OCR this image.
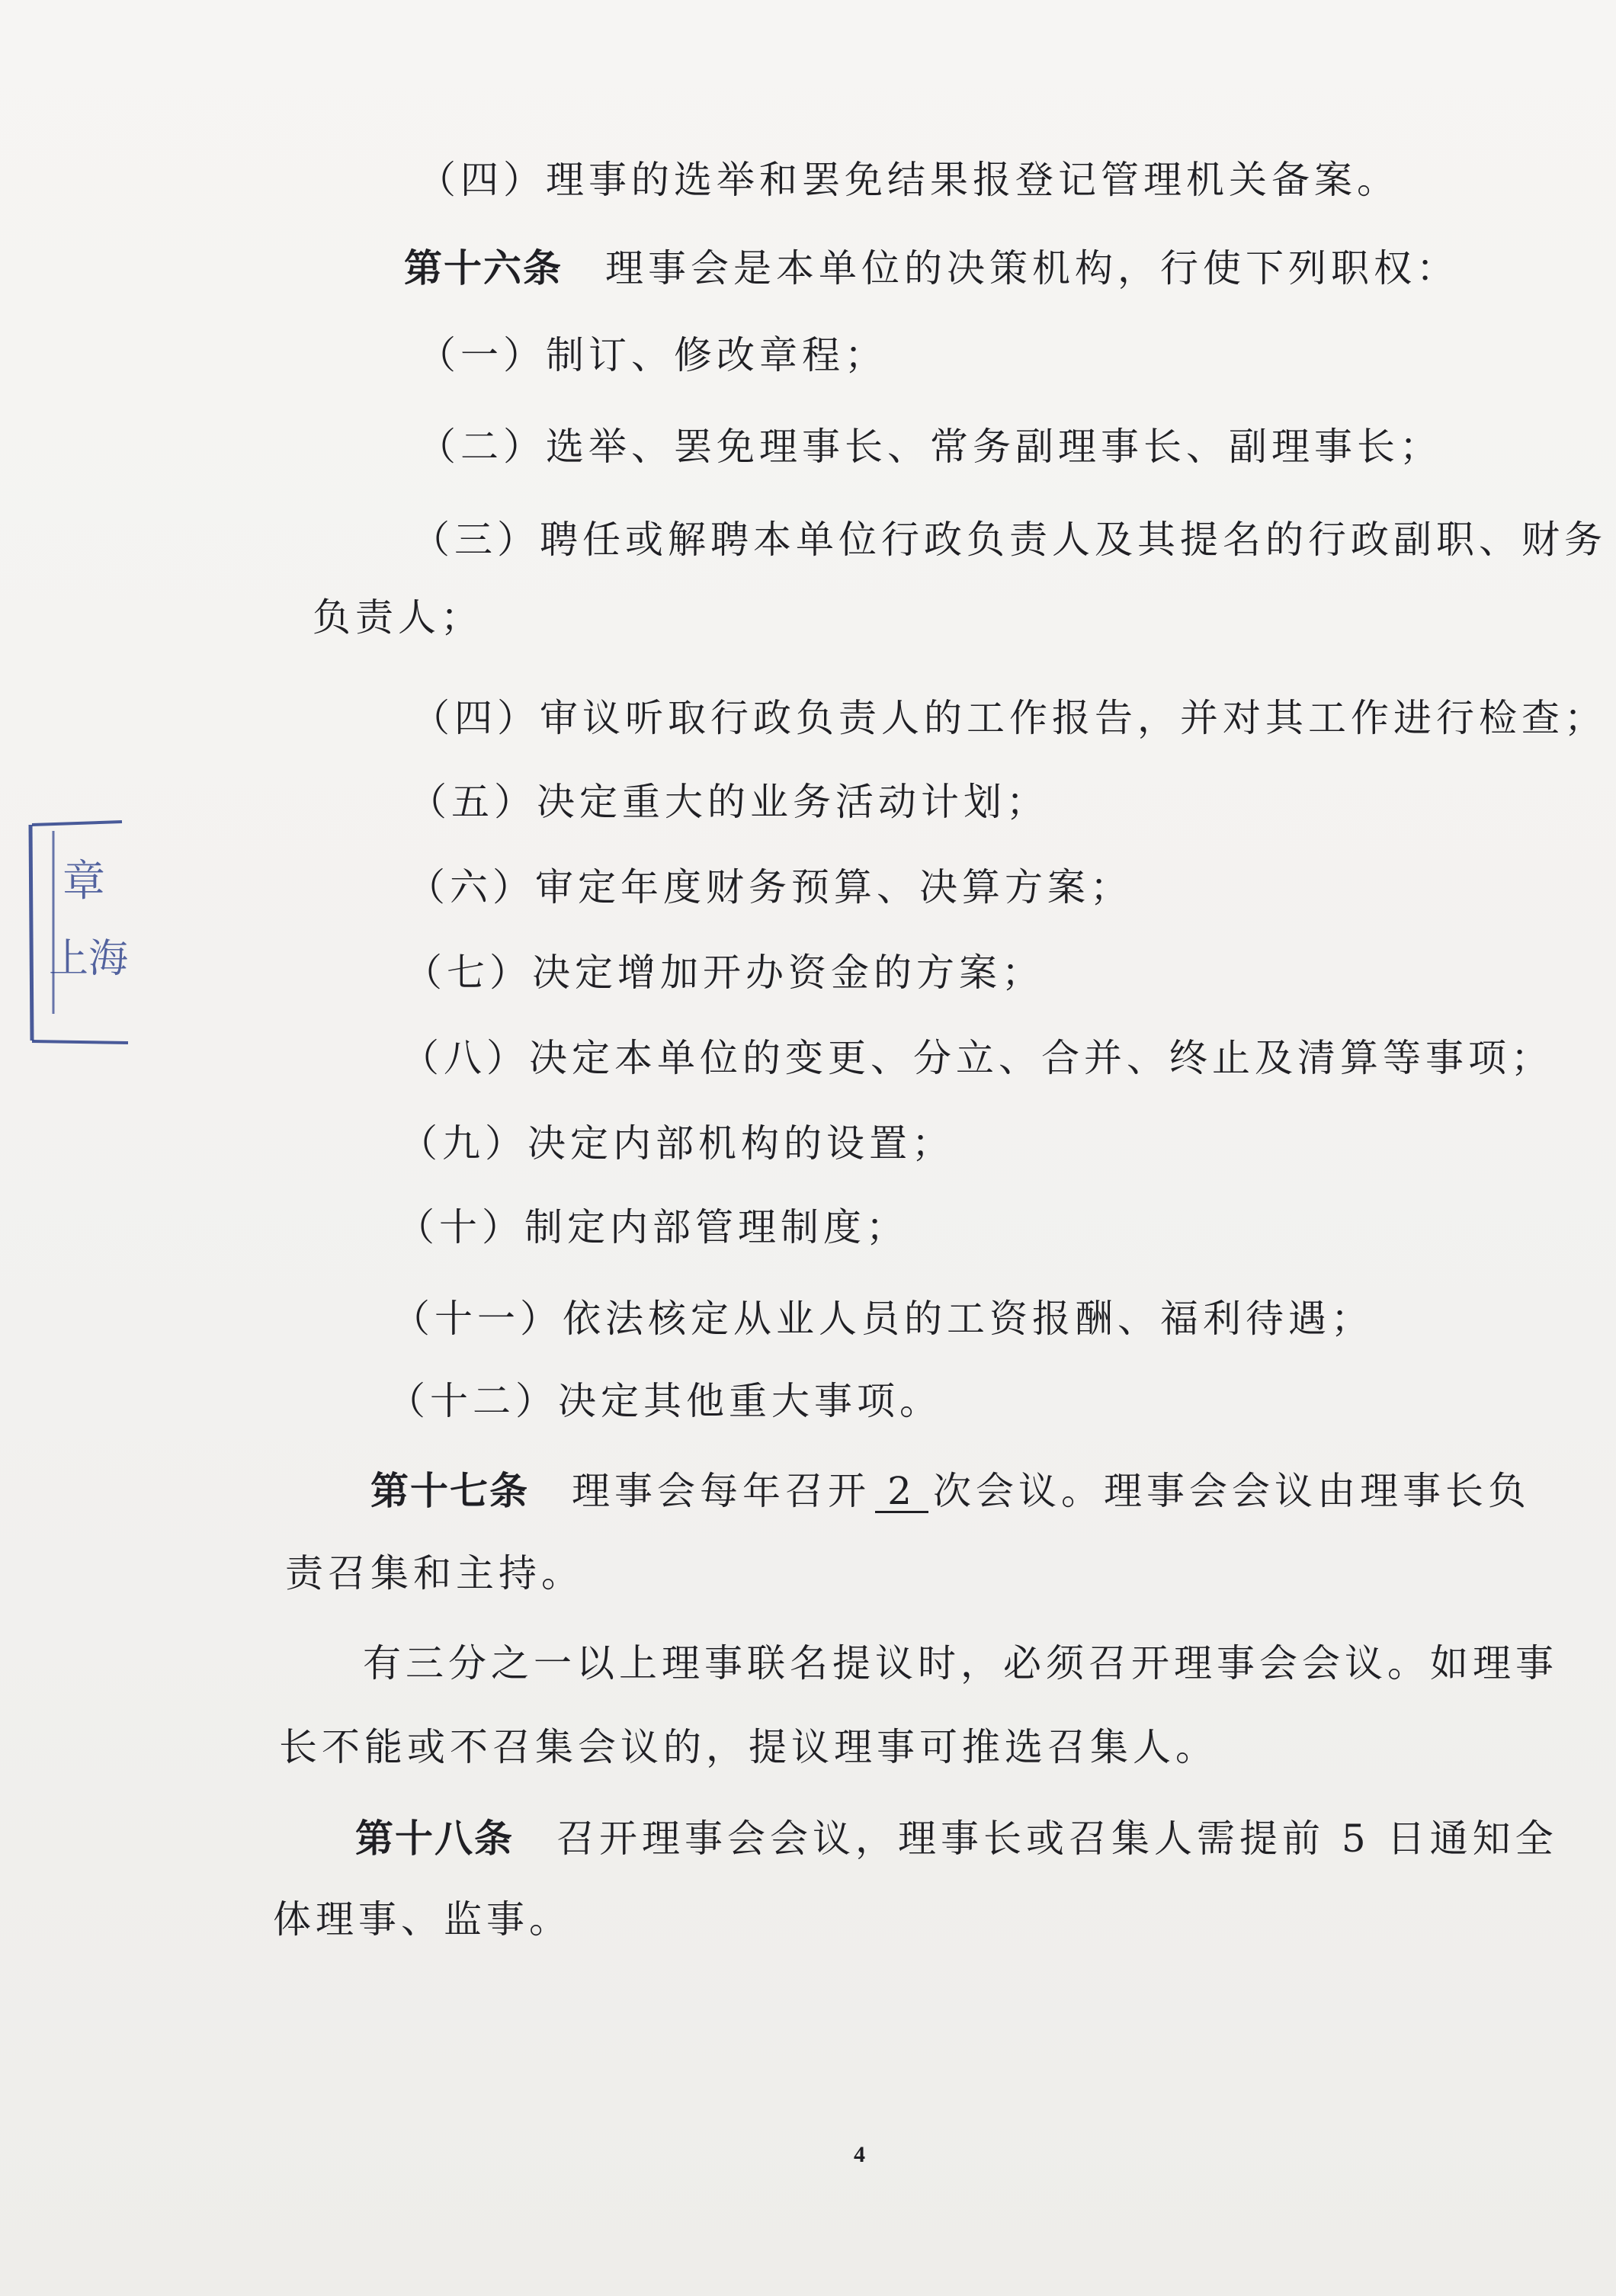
（四）理事的选举和罢免结果报登记管理机关备案。
第十六条 理事会是本单位的决策机构，行使下列职权：
（一）制订、修改章程；
（二）选举、罢免理事长、常务副理事长、副理事长；
（三）聘任或解聘本单位行政负责人及其提名的行政副职、财务
负责人；
（四）审议听取行政负责人的工作报告，并对其工作进行检查；
（五）决定重大的业务活动计划；
（六）审定年度财务预算、决算方案；
（七）决定增加开办资金的方案；
（八）决定本单位的变更、分立、合并、终止及清算等事项；
（九）决定内部机构的设置；
（十）制定内部管理制度；
（十一）依法核定从业人员的工资报酬、福利待遇；
（十二）决定其他重大事项。
第十七条 理事会每年召开 2 次会议。理事会会议由理事长负
责召集和主持。
有三分之一以上理事联名提议时，必须召开理事会会议。如理事
长不能或不召集会议的，提议理事可推选召集人。
第十八条 召开理事会会议，理事长或召集人需提前 5 日通知全
体理事、监事。
4
章
上海
